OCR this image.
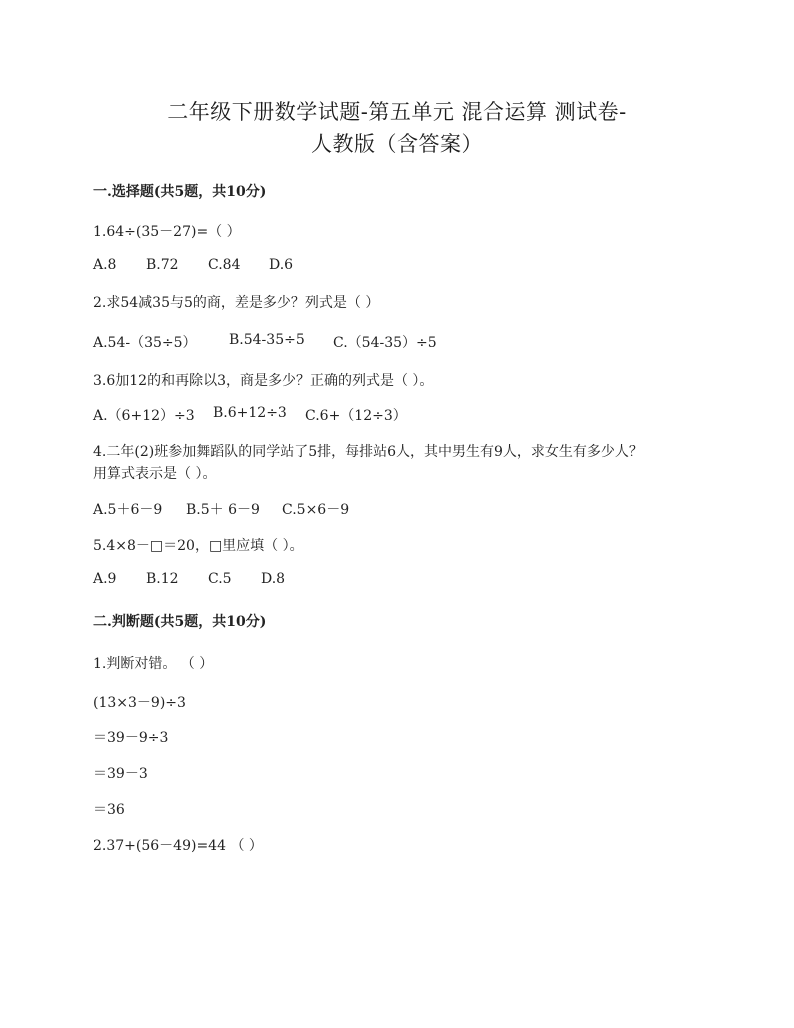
二年级下册数学试题-第五单元 混合运算 测试卷-
人教版（含答案）
一.选择题(共5题，共10分)
1.64÷(35－27)=（ ）
A.8 B.72 C.84 D.6
2.求54减35与5的商，差是多少？列式是（ ）
A.54-（35÷5） B.54-35÷5 C.（54-35）÷5
3.6加12的和再除以3，商是多少？正确的列式是（ ）。
A.（6+12）÷3 B.6+12÷3 C.6+（12÷3）
4.二年(2)班参加舞蹈队的同学站了5排，每排站6人，其中男生有9人，求女生有多少人？
用算式表示是（ ）。
A.5＋6－9 B.5＋ 6－9 C.5×6－9
5.4×8－□＝20，□里应填（ ）。
A.9 B.12 C.5 D.8
二.判断题(共5题，共10分)
1.判断对错。 （ ）
(13×3－9)÷3
＝39－9÷3
＝39－3
＝36
2.37+(56－49)=44 （ ）
